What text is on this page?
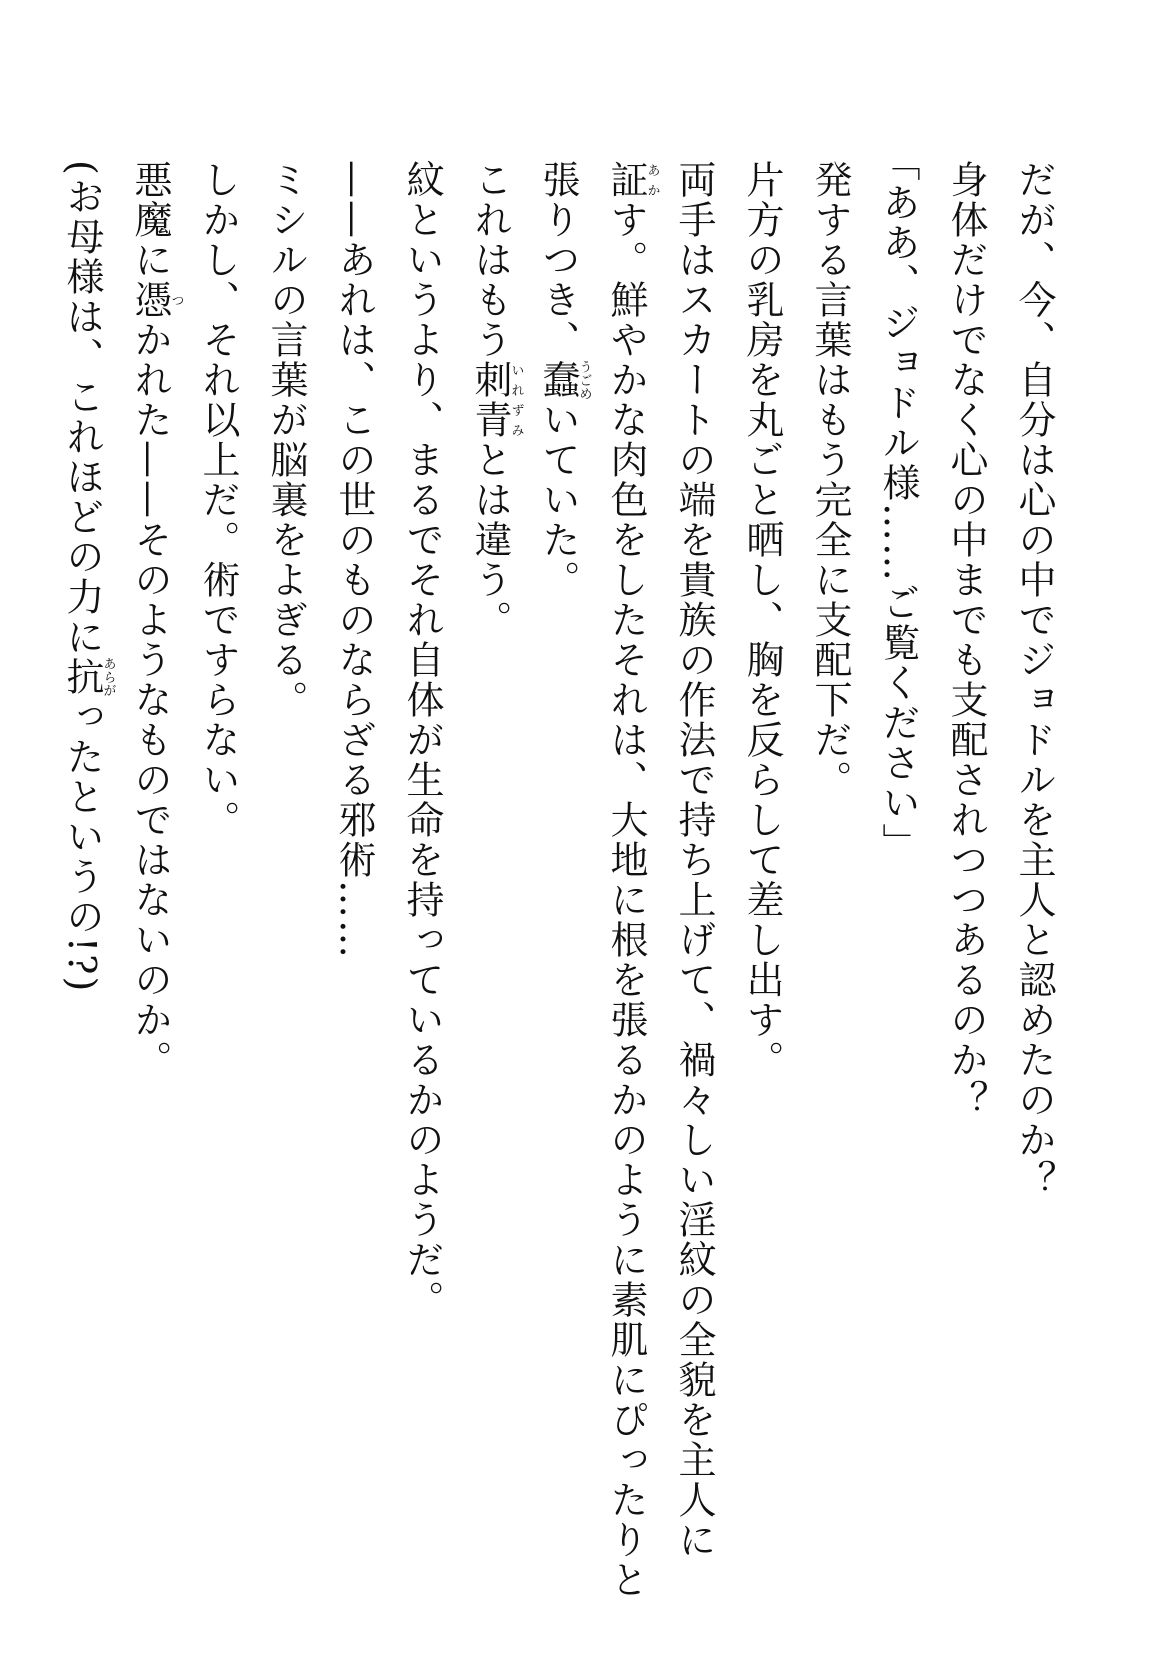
だが、今、自分は心の中でジョドルを主人と認めたのか？

身体だけでなく心の中までも支配されつつあるのか？

「ああ、ジョドル様……ご覧ください」

発する言葉はもう完全に支配下だ。

片方の乳房を丸ごと晒し、胸を反らして差し出す。

両手はスカートの端を貴族の作法で持ち上げて、禍々しい淫紋の全貌を主人に

証あかす。鮮やかな肉色をしたそれは、大地に根を張るかのように素肌にぴったりと

張りつき、蠢うごめいていた。

これはもう刺青いれずみとは違う。

紋というより、まるでそれ自体が生命を持っているかのようだ。

——あれは、この世のものならざる邪術……

ミシルの言葉が脳裏をよぎる。

しかし、それ以上だ。術ですらない。

悪魔に憑つかれた——そのようなものではないのか。

(お母様は、これほどの力に抗あらがったというの!?)
